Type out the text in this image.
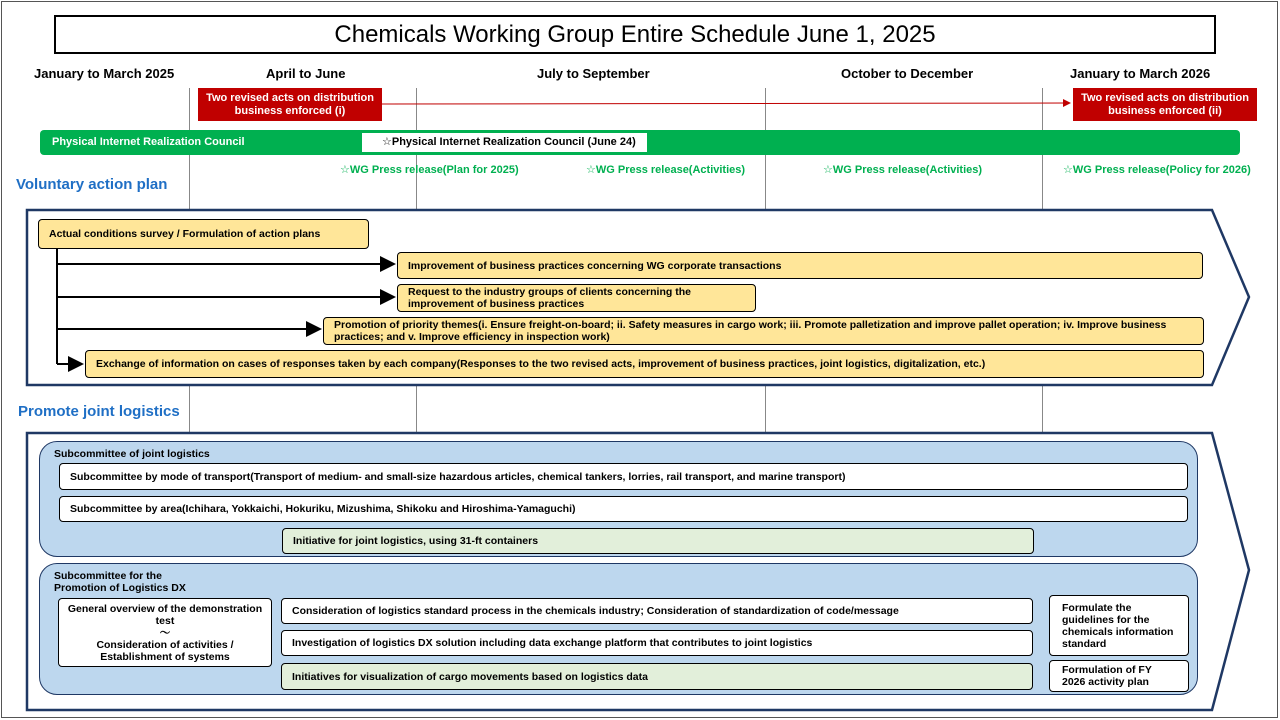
Chemicals Working Group Entire Schedule June 1, 2025
January to March 2025	April to June	July to September	October to December	January to March 2026
Two revised acts on distribution business enforced (i)
Two revised acts on distribution business enforced (ii)
Physical Internet Realization Council	☆Physical Internet Realization Council (June 24)
☆WG Press release(Plan for 2025)	☆WG Press release(Activities)	☆WG Press release(Activities)	☆WG Press release(Policy for 2026)
Voluntary action plan
Promote joint logistics
Actual conditions survey / Formulation of action plans
Improvement of business practices concerning WG corporate transactions
Request to the industry groups of clients concerning the improvement of business practices
Promotion of priority themes(i. Ensure freight-on-board; ii. Safety measures in cargo work; iii. Promote palletization and improve pallet operation; iv. Improve business practices; and v. Improve efficiency in inspection work)
Exchange of information on cases of responses taken by each company(Responses to the two revised acts, improvement of business practices, joint logistics, digitalization, etc.)
Subcommittee of joint logistics
Subcommittee by mode of transport(Transport of medium- and small-size hazardous articles, chemical tankers, lorries, rail transport, and marine transport)
Subcommittee by area(Ichihara, Yokkaichi, Hokuriku, Mizushima, Shikoku and Hiroshima-Yamaguchi)
Initiative for joint logistics, using 31-ft containers
Subcommittee for the Promotion of Logistics DX
General overview of the demonstration test
～
Consideration of activities / Establishment of systems
Consideration of logistics standard process in the chemicals industry; Consideration of standardization of code/message
Investigation of logistics DX solution including data exchange platform that contributes to joint logistics
Initiatives for visualization of cargo movements based on logistics data
Formulate the guidelines for the chemicals information standard
Formulation of FY 2026 activity plan
